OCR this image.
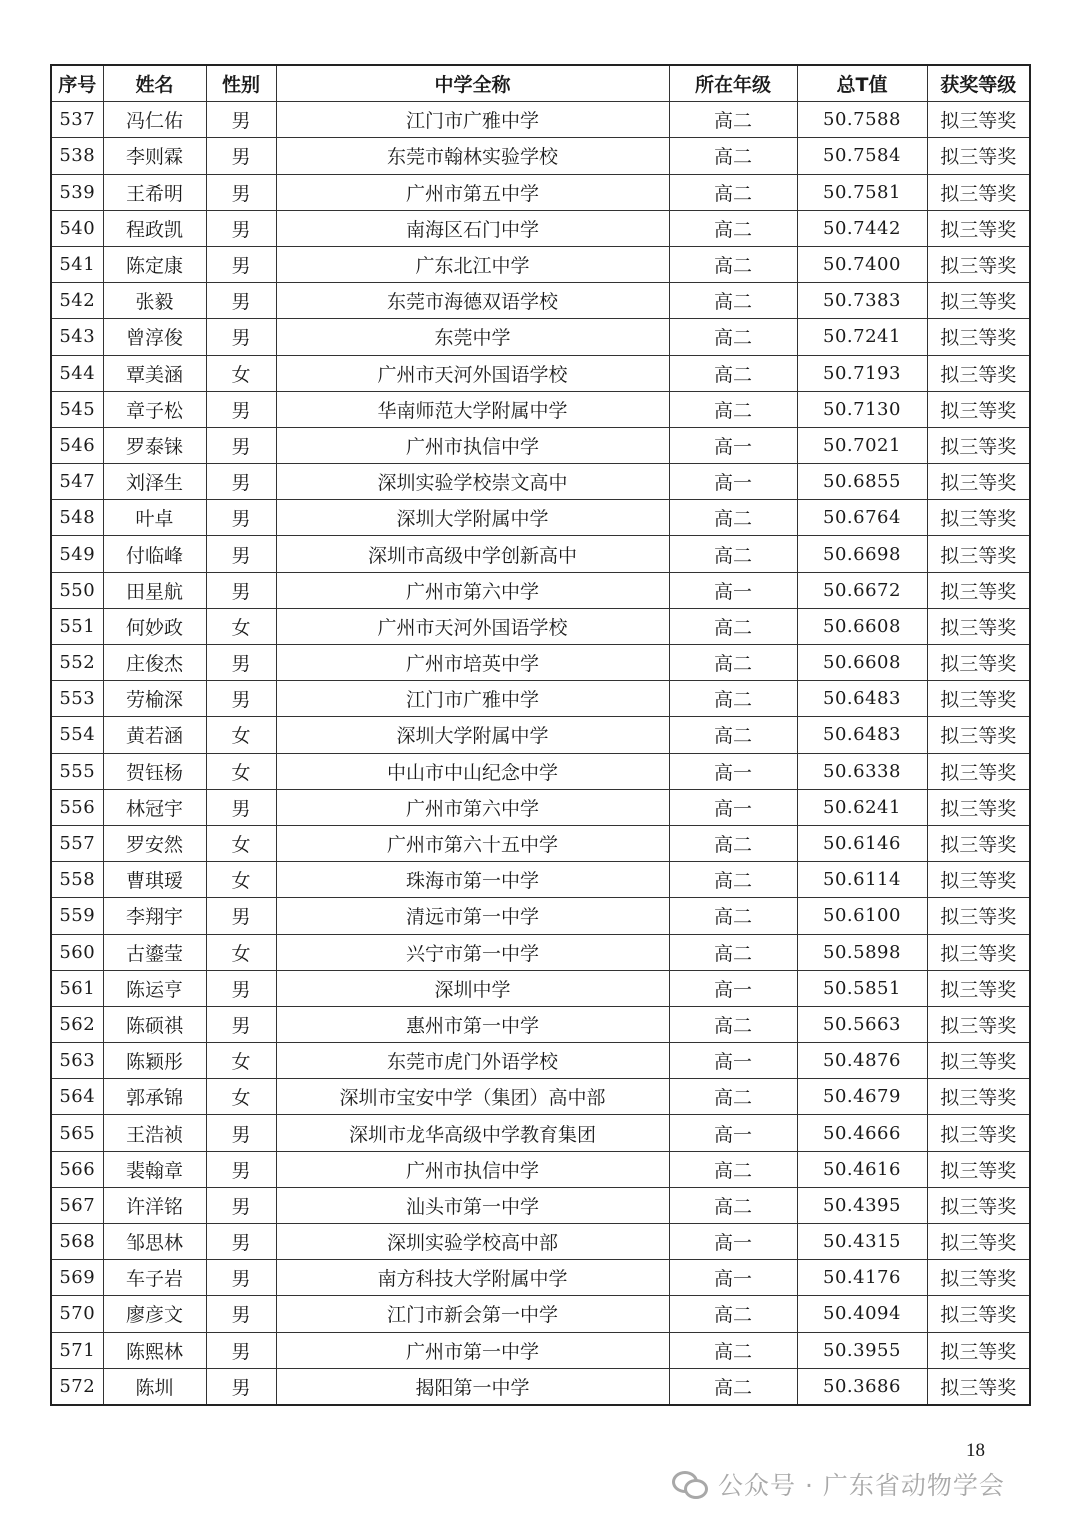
序号	姓名	性别	中学全称	所在年级	总T值	获奖等级
537	冯仁佑	男	江门市广雅中学	高二	50.7588	拟三等奖
538	李则霖	男	东莞市翰林实验学校	高二	50.7584	拟三等奖
539	王希明	男	广州市第五中学	高二	50.7581	拟三等奖
540	程政凯	男	南海区石门中学	高二	50.7442	拟三等奖
541	陈定康	男	广东北江中学	高二	50.7400	拟三等奖
542	张毅	男	东莞市海德双语学校	高二	50.7383	拟三等奖
543	曾淳俊	男	东莞中学	高二	50.7241	拟三等奖
544	覃美涵	女	广州市天河外国语学校	高二	50.7193	拟三等奖
545	章子松	男	华南师范大学附属中学	高二	50.7130	拟三等奖
546	罗泰铼	男	广州市执信中学	高一	50.7021	拟三等奖
547	刘泽生	男	深圳实验学校崇文高中	高一	50.6855	拟三等奖
548	叶卓	男	深圳大学附属中学	高二	50.6764	拟三等奖
549	付临峰	男	深圳市高级中学创新高中	高二	50.6698	拟三等奖
550	田星航	男	广州市第六中学	高一	50.6672	拟三等奖
551	何妙政	女	广州市天河外国语学校	高二	50.6608	拟三等奖
552	庄俊杰	男	广州市培英中学	高二	50.6608	拟三等奖
553	劳榆深	男	江门市广雅中学	高二	50.6483	拟三等奖
554	黄若涵	女	深圳大学附属中学	高二	50.6483	拟三等奖
555	贺钰杨	女	中山市中山纪念中学	高一	50.6338	拟三等奖
556	林冠宇	男	广州市第六中学	高一	50.6241	拟三等奖
557	罗安然	女	广州市第六十五中学	高二	50.6146	拟三等奖
558	曹琪瑷	女	珠海市第一中学	高二	50.6114	拟三等奖
559	李翔宇	男	清远市第一中学	高二	50.6100	拟三等奖
560	古鎏莹	女	兴宁市第一中学	高二	50.5898	拟三等奖
561	陈运亨	男	深圳中学	高一	50.5851	拟三等奖
562	陈硕祺	男	惠州市第一中学	高二	50.5663	拟三等奖
563	陈颖彤	女	东莞市虎门外语学校	高一	50.4876	拟三等奖
564	郭承锦	女	深圳市宝安中学（集团）高中部	高二	50.4679	拟三等奖
565	王浩祯	男	深圳市龙华高级中学教育集团	高一	50.4666	拟三等奖
566	裴翰章	男	广州市执信中学	高二	50.4616	拟三等奖
567	许洋铭	男	汕头市第一中学	高二	50.4395	拟三等奖
568	邹思林	男	深圳实验学校高中部	高一	50.4315	拟三等奖
569	车子岩	男	南方科技大学附属中学	高一	50.4176	拟三等奖
570	廖彦文	男	江门市新会第一中学	高二	50.4094	拟三等奖
571	陈熙林	男	广州市第一中学	高二	50.3955	拟三等奖
572	陈圳	男	揭阳第一中学	高二	50.3686	拟三等奖
18
公众号 · 广东省动物学会
